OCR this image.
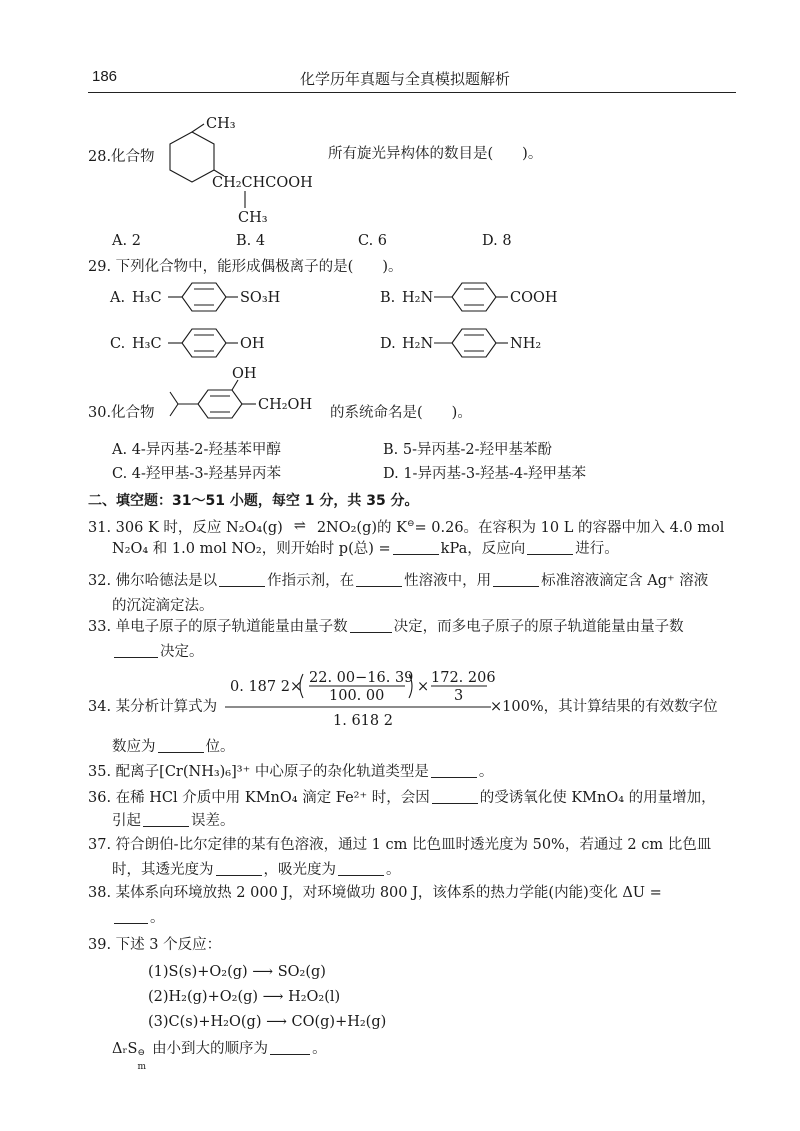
186	化学历年真题与全真模拟题解析
28.化合物
CH₃
CH₂CHCOOH
CH₃
所有旋光异构体的数目是(　　)。
A. 2	B. 4	C. 6	D. 8
29. 下列化合物中，能形成偶极离子的是(　　)。
A. H₃C	SO₃H	B. H₂N	COOH
C. H₃C	OH	D. H₂N	NH₂
30.化合物
OH
CH₂OH 的系统命名是(　　)。
A. 4-异丙基-2-羟基苯甲醇	B. 5-异丙基-2-羟甲基苯酚
C. 4-羟甲基-3-羟基异丙苯	D. 1-异丙基-3-羟基-4-羟甲基苯
二、填空题：31～51 小题，每空 1 分，共 35 分。
31. 306 K 时，反应 N₂O₄(g) ⇌ 2NO₂(g)的 K⊖= 0.26。在容积为 10 L 的容器中加入 4.0 mol
N₂O₄ 和 1.0 mol NO₂，则开始时 p(总) =	kPa，反应向	进行。
32. 佛尔哈德法是以	作指示剂，在	性溶液中，用	标准溶液滴定含 Ag⁺ 溶液
的沉淀滴定法。
33. 单电子原子的原子轨道能量由量子数	决定，而多电子原子的原子轨道能量由量子数
决定。
34. 某分析计算式为
0. 187 2×
22. 00−16. 39
100. 00
×
172. 206
3
1. 618 2
×100%，其计算结果的有效数字位
数应为	位。
35. 配离子[Cr(NH₃)₆]³⁺ 中心原子的杂化轨道类型是	。
36. 在稀 HCl 介质中用 KMnO₄ 滴定 Fe²⁺ 时，会因	的受诱氧化使 KMnO₄ 的用量增加，
引起	误差。
37. 符合朗伯-比尔定律的某有色溶液，通过 1 cm 比色皿时透光度为 50%，若通过 2 cm 比色皿
时，其透光度为	，吸光度为	。
38. 某体系向环境放热 2 000 J，对环境做功 800 J，该体系的热力学能(内能)变化 ΔU =
。
39. 下述 3 个反应：
(1)S(s)+O₂(g) ⟶ SO₂(g)
(2)H₂(g)+O₂(g) ⟶ H₂O₂(l)
(3)C(s)+H₂O(g) ⟶ CO(g)+H₂(g)
ΔᵣS ⊖
m
由小到大的顺序为	。
